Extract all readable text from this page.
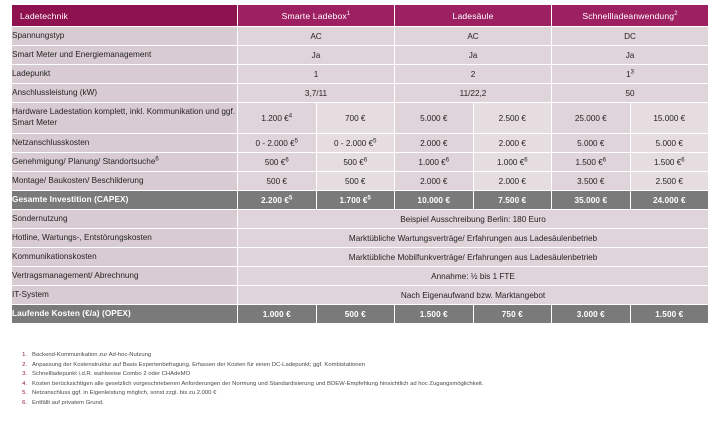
Ladetechnik	Smarte Ladebox$^1$		Ladesäule		Schnellladeanwendung$^2$
Spannungstyp	AC		AC		DC	
Smart Meter und Energiemanagement	Ja		Ja		Ja	
Ladepunkt	1		2		$1^3$
Anschlussleistung (kW)	3,7/11		11/22,2		50	
Hardware Ladestation komplett, inkl. Kommunikation und ggf. Smart Meter	1.200 €$^4$	700 €	5.000 €	2.500 €	25.000 €	15.000 €
Netzanschlusskosten	0 - 2.000 €$^5$	0 - 2.000 €$^5$	2.000 €	2.000 €	5.000 €	5.000 €
Genehmigung/ Planung/ Standortsuche$^6$	500 €$^6$	500 €$^6$	1.000 €$^6$	1.000 €$^6$	1.500 €$^6$	1.500 €$^6$
Montage/ Baukosten/ Beschilderung	500 €	500 €	2.000 €	2.000 €	3.500 €	2.500 €
Gesamte Investition (CAPEX)	2.200 €$^5$	1.700 €$^5$	10.000 €	7.500 €	35.000 €	24.000 €
Sondernutzung	Beispiel Ausschreibung Berlin: 180 Euro					
Hotline, Wartungs-, Entstörungskosten	Marktübliche Wartungsverträge/ Erfahrungen aus Ladesäulenbetrieb					
Kommunikationskosten	Marktübliche Mobilfunkverträge/ Erfahrungen aus Ladesäulenbetrieb					
Vertragsmanagement/ Abrechnung	Annahme: ½ bis 1 FTE					
IT-System	Nach Eigenaufwand bzw. Marktangebot					
Laufende Kosten (€/a) (OPEX)	1.000 €	500 €	1.500 €	750 €	3.000 €	1.500 €
1. Backend-Kommunikation zur Ad-hoc-Nutzung
2. Anpassung der Kostenstruktur auf Basis Expertenbefragung. Erfassen der Kosten für einen DC-Ladepunkt; ggf. Kombistationen
3. Schnellladepunkt i.d.R. wahlweise Combo 2 oder CHAdeMO
4. Kosten berücksichtigen alle gesetzlich vorgeschriebenen Anforderungen der Normung und Standardisierung und BDEW-Empfehlung hinsichtlich ad hoc Zugangsmöglichkeit.
5. Netzanschluss ggf. in Eigenleistung möglich, sonst zzgl. bis zu 2.000 €
6. Entfällt auf privatem Grund.
